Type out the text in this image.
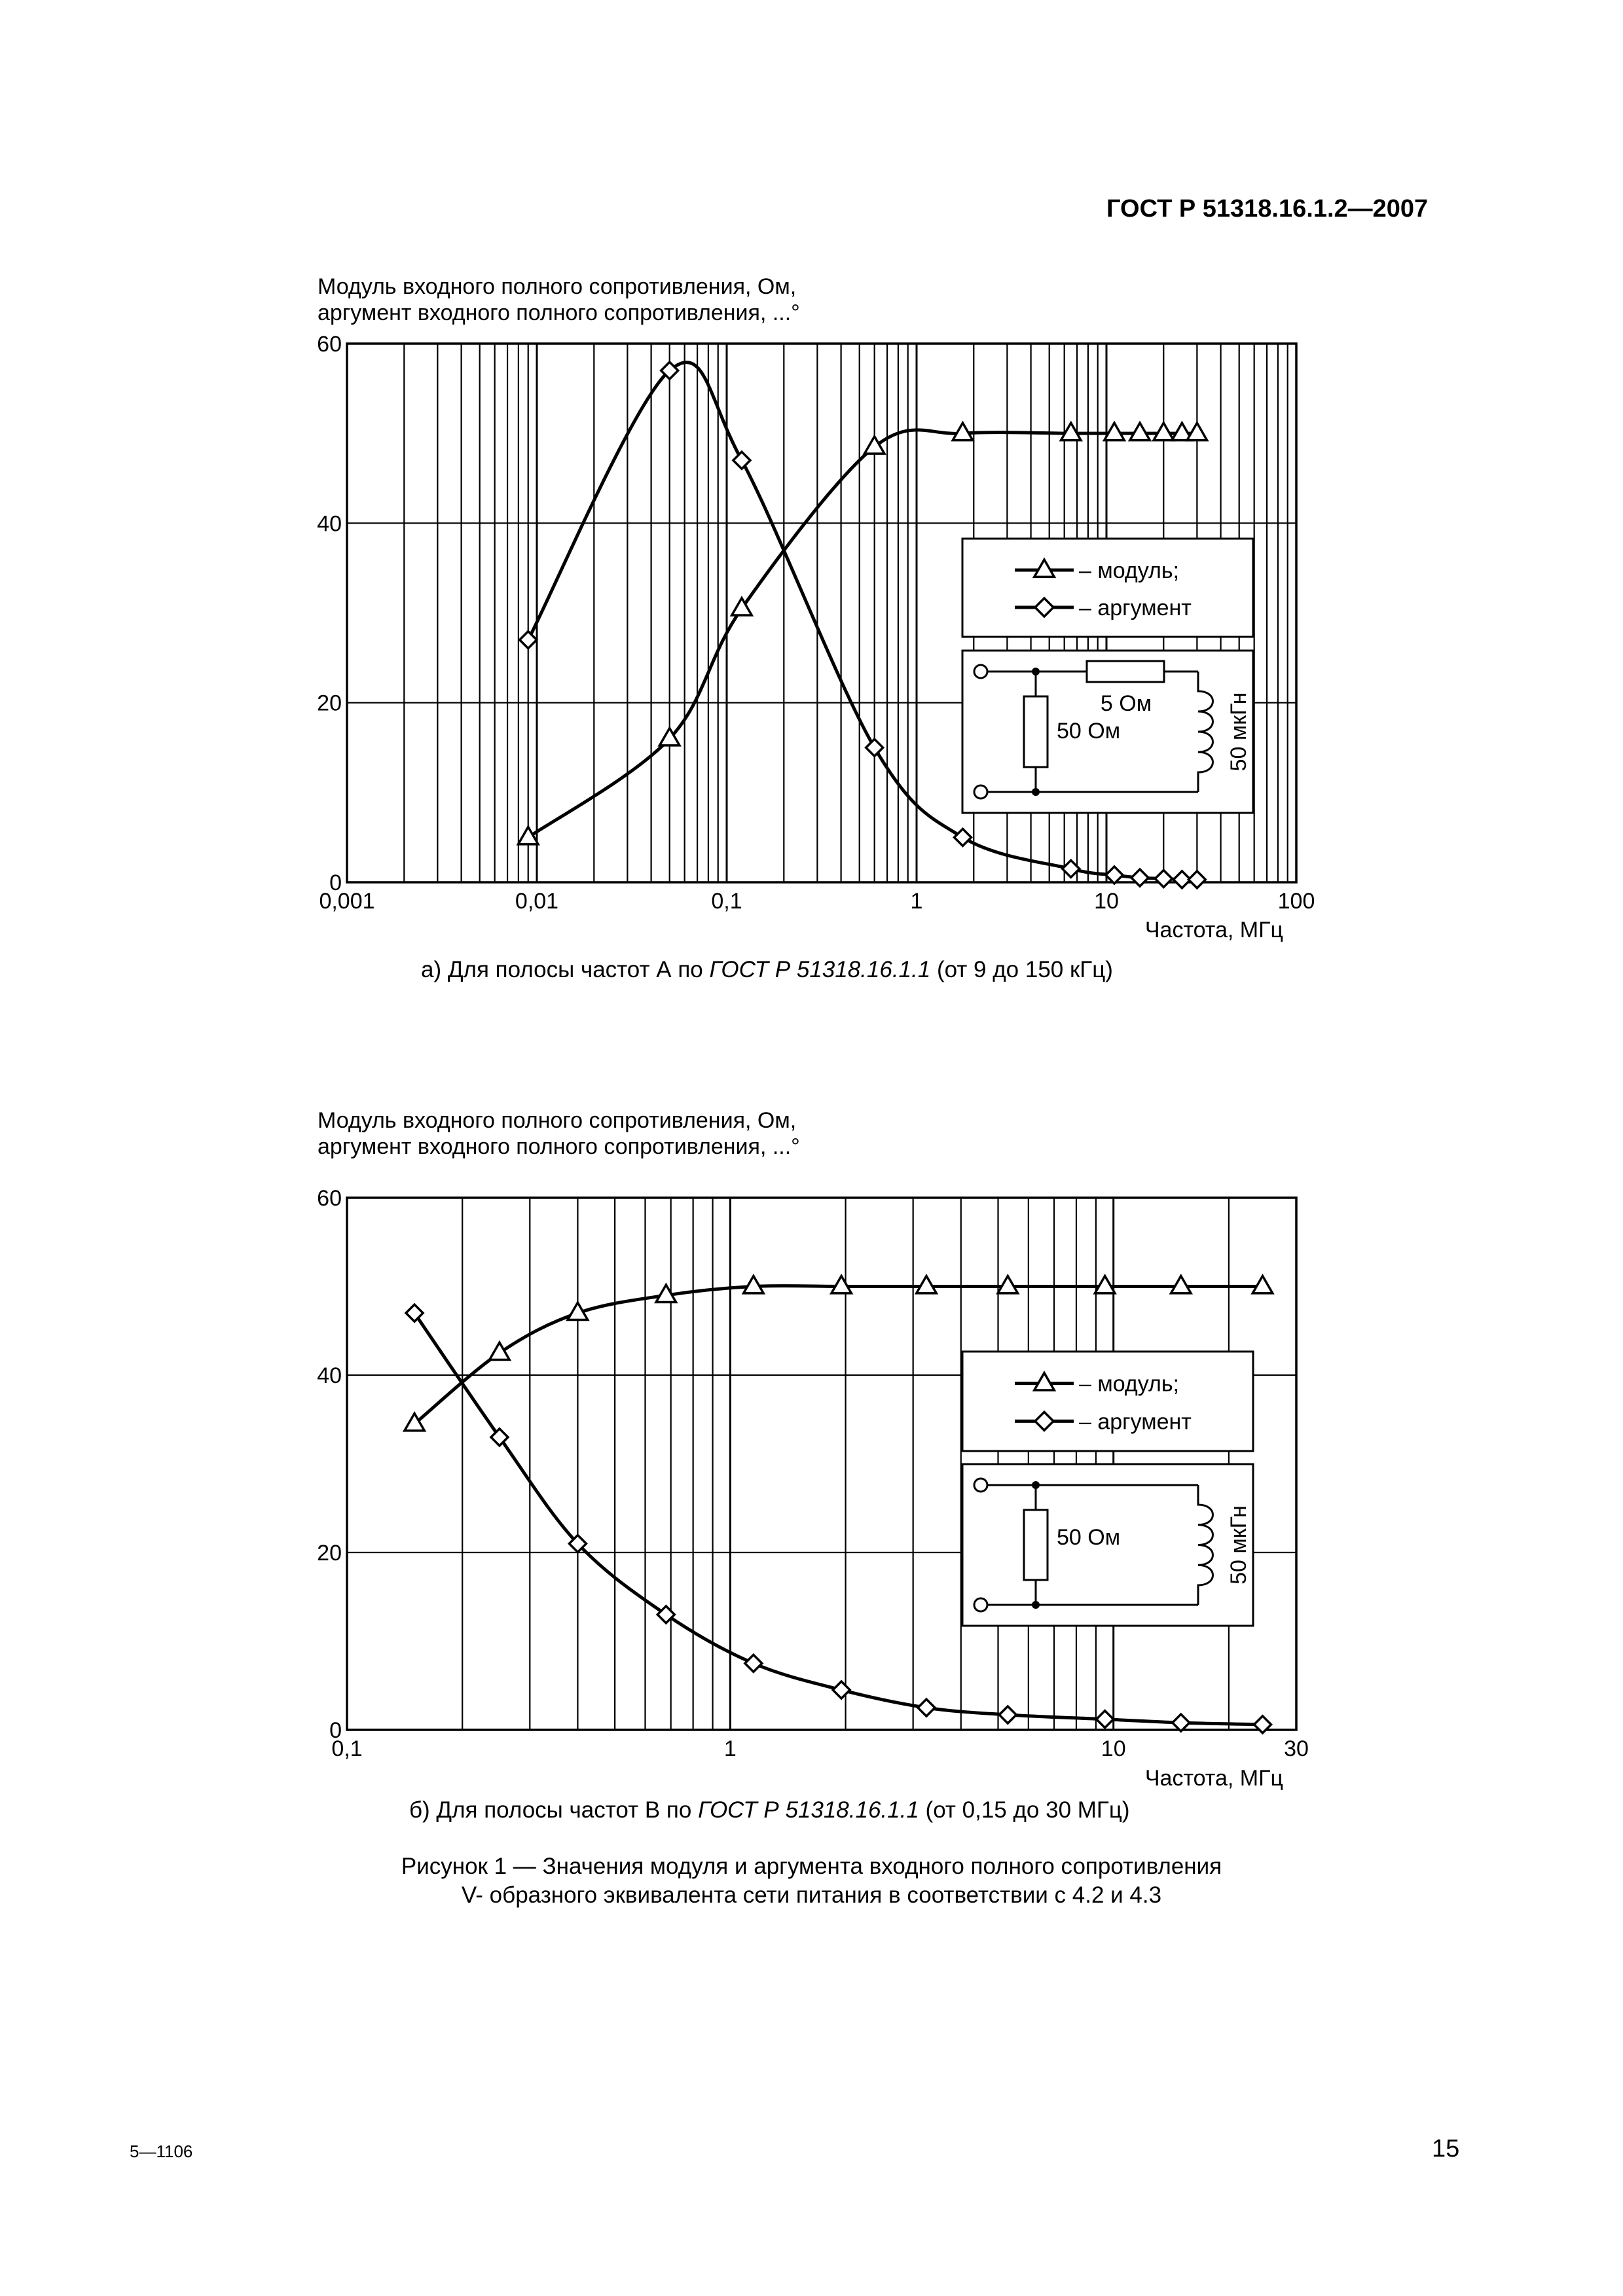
ГОСТ Р 51318.16.1.2—2007
Модуль входного полного сопротивления, Ом,
аргумент входного полного сопротивления, ...°
а) Для полосы частот А по ГОСТ Р 51318.16.1.1 (от 9 до 150 кГц)
Модуль входного полного сопротивления, Ом,
аргумент входного полного сопротивления, ...°
б) Для полосы частот В по ГОСТ Р 51318.16.1.1 (от 0,15 до 30 МГц)
Рисунок 1 — Значения модуля и аргумента входного полного сопротивления
V- образного эквивалента сети питания в соответствии с 4.2 и 4.3
5—1106	15
0
20
40
60
0,001	0,01	0,1	1	10	100
Частота, МГц
– модуль;
– аргумент
5 Ом
50 Ом	50 мкГн
0
20
40
60
0,1	1	10	30
Частота, МГц
– модуль;
– аргумент
50 Ом	50 мкГн
